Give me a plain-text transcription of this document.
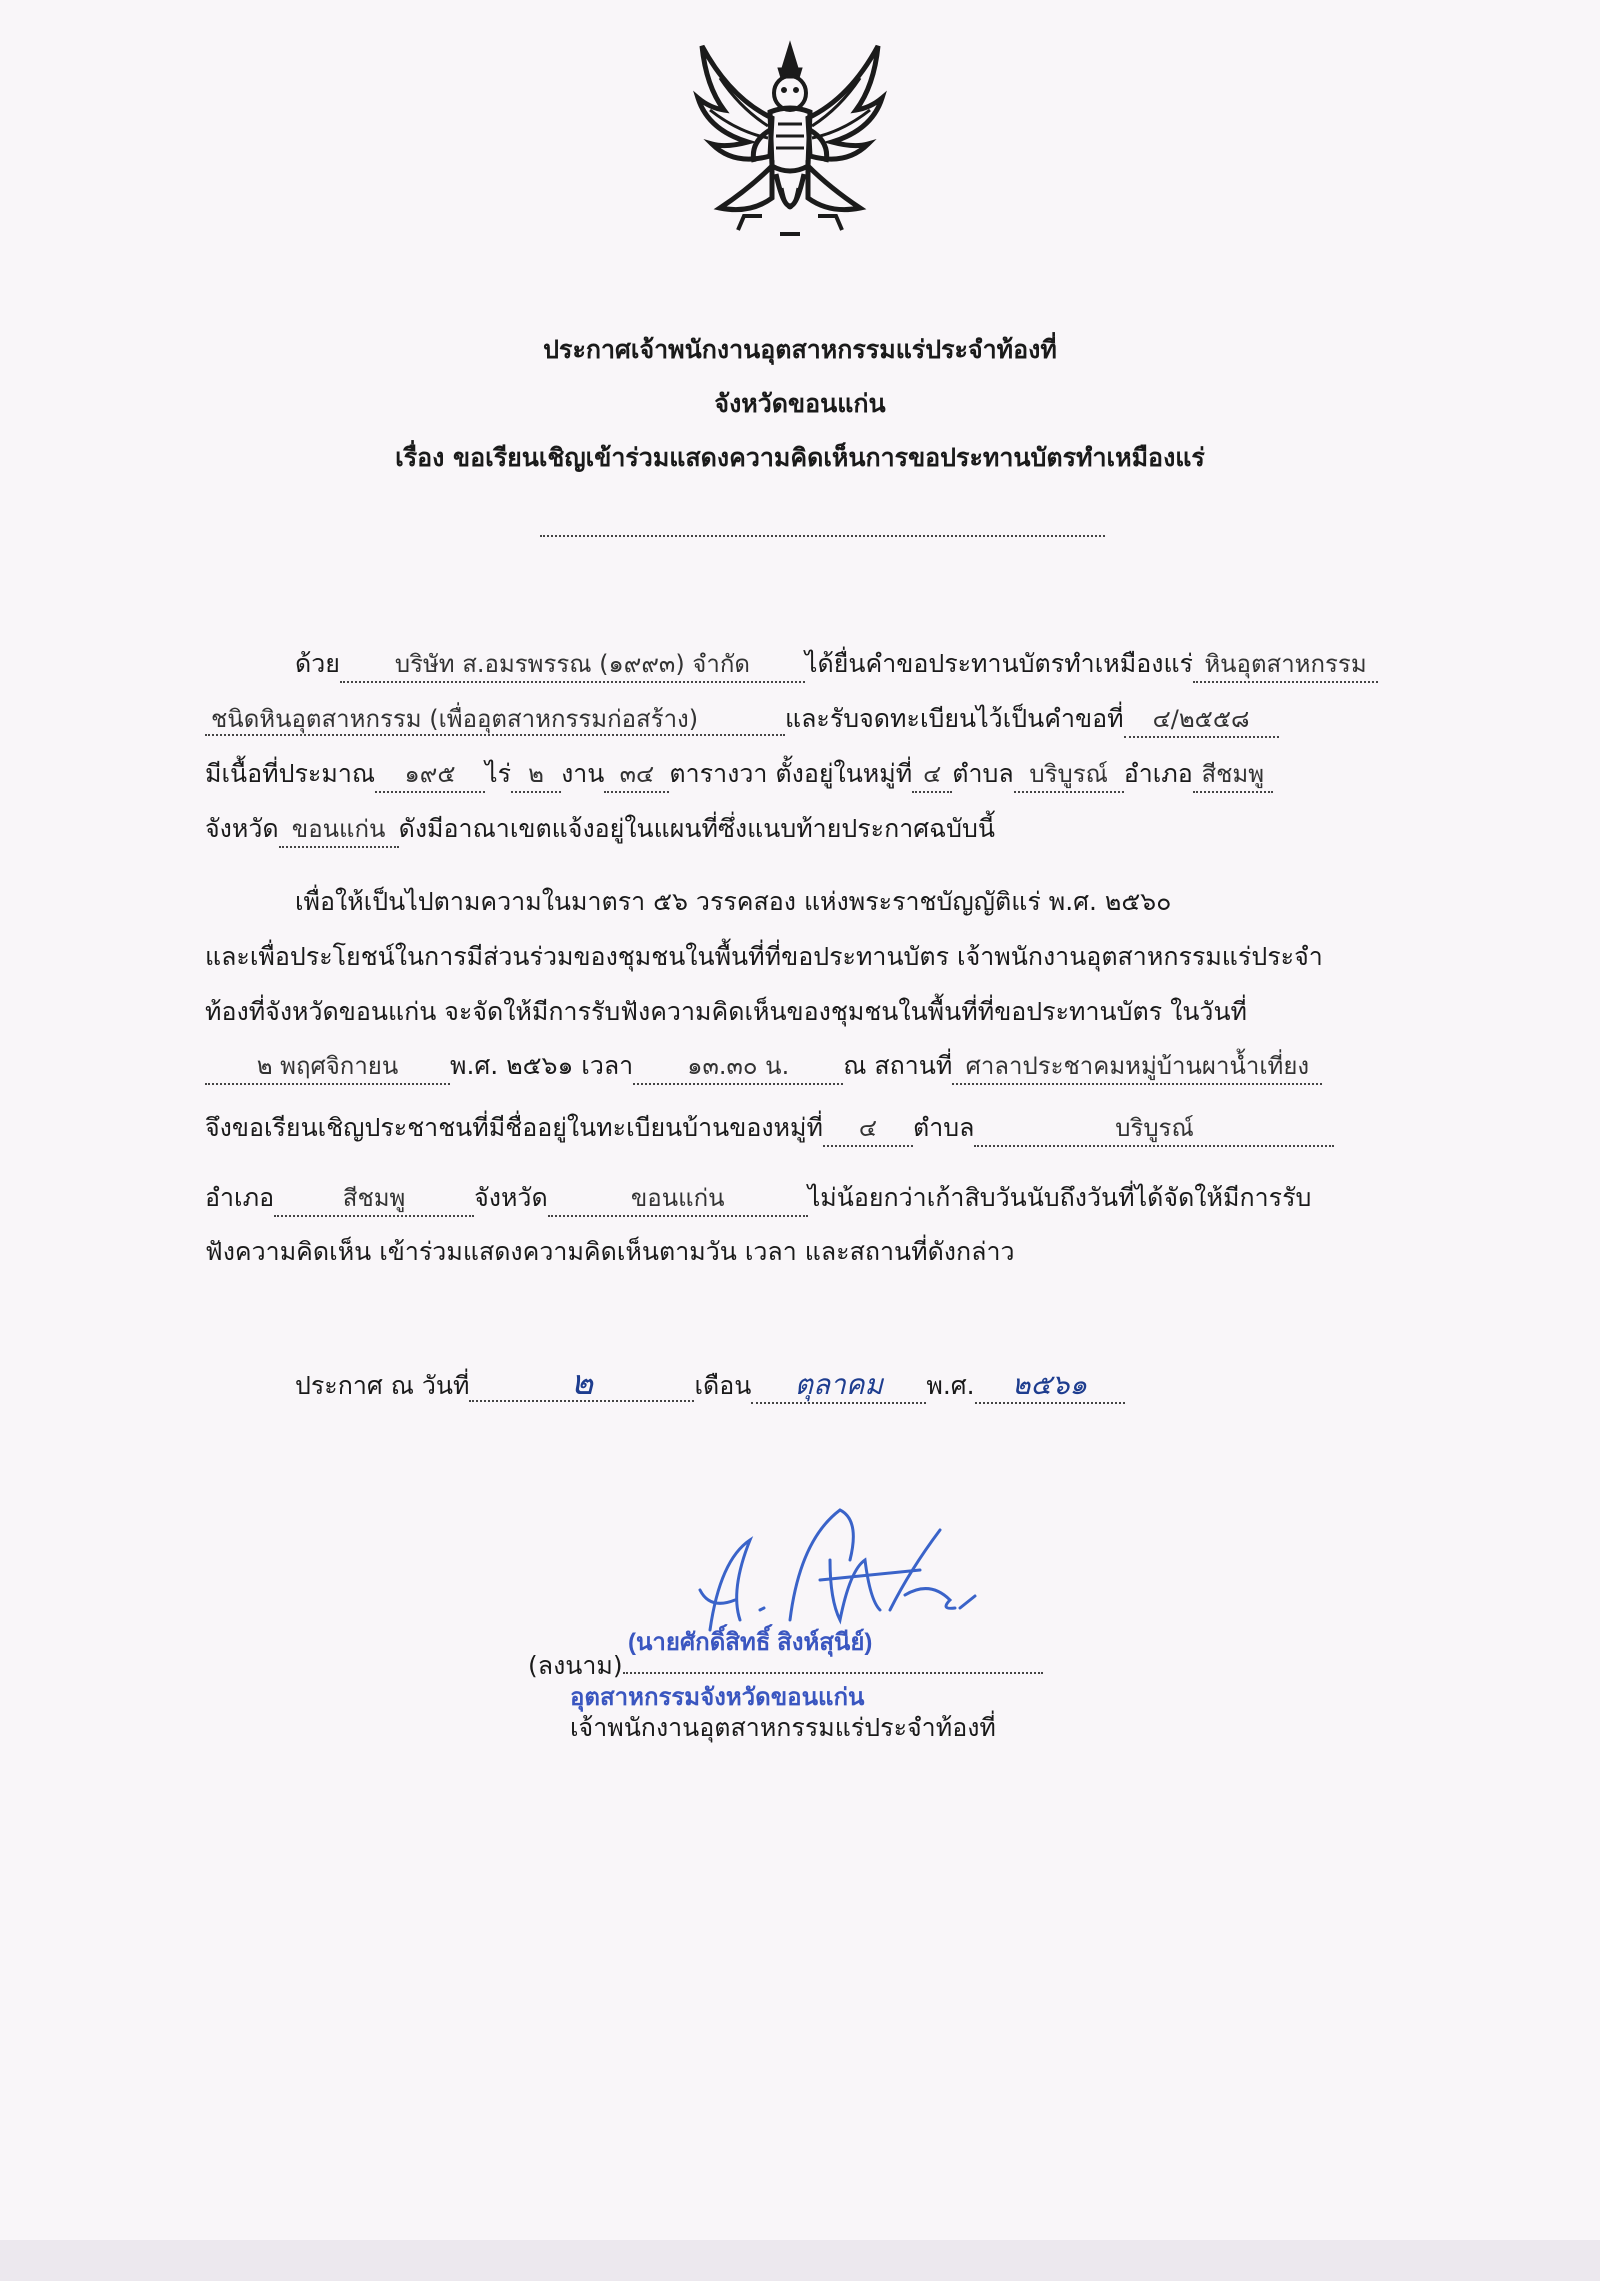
ประกาศเจ้าพนักงานอุตสาหกรรมแร่ประจำท้องที่
จังหวัดขอนแก่น
เรื่อง ขอเรียนเชิญเข้าร่วมแสดงความคิดเห็นการขอประทานบัตรทำเหมืองแร่
ด้วย บริษัท ส.อมรพรรณ (๑๙๙๓) จำกัด ได้ยื่นคำขอประทานบัตรทำเหมืองแร่ หินอุตสาหกรรม
ชนิดหินอุตสาหกรรม (เพื่ออุตสาหกรรมก่อสร้าง)	และรับจดทะเบียนไว้เป็นคำขอที่ ๔/๒๕๕๘
มีเนื้อที่ประมาณ ๑๙๕ ไร่ ๒ งาน ๓๔ ตารางวา ตั้งอยู่ในหมู่ที่ ๔ ตำบล บริบูรณ์ อำเภอ สีชมพู
จังหวัด ขอนแก่น ดังมีอาณาเขตแจ้งอยู่ในแผนที่ซึ่งแนบท้ายประกาศฉบับนี้
เพื่อให้เป็นไปตามความในมาตรา ๕๖ วรรคสอง แห่งพระราชบัญญัติแร่ พ.ศ. ๒๕๖๐
และเพื่อประโยชน์ในการมีส่วนร่วมของชุมชนในพื้นที่ที่ขอประทานบัตร เจ้าพนักงานอุตสาหกรรมแร่ประจำ
ท้องที่จังหวัดขอนแก่น จะจัดให้มีการรับฟังความคิดเห็นของชุมชนในพื้นที่ที่ขอประทานบัตร ในวันที่
๒ พฤศจิกายน พ.ศ. ๒๕๖๑ เวลา ๑๓.๓๐ น. ณ สถานที่ ศาลาประชาคมหมู่บ้านผาน้ำเที่ยง
จึงขอเรียนเชิญประชาชนที่มีชื่ออยู่ในทะเบียนบ้านของหมู่ที่ ๔ ตำบล	บริบูรณ์
อำเภอ	สีชมพู	จังหวัด	ขอนแก่น	ไม่น้อยกว่าเก้าสิบวันนับถึงวันที่ได้จัดให้มีการรับ
ฟังความคิดเห็น เข้าร่วมแสดงความคิดเห็นตามวัน เวลา และสถานที่ดังกล่าว
ประกาศ ณ วันที่	๒	เดือน ตุลาคม พ.ศ. ๒๕๖๑
(ลงนาม)
(นายศักดิ์สิทธิ์ สิงห์สุนีย์)
อุตสาหกรรมจังหวัดขอนแก่น
เจ้าพนักงานอุตสาหกรรมแร่ประจำท้องที่
